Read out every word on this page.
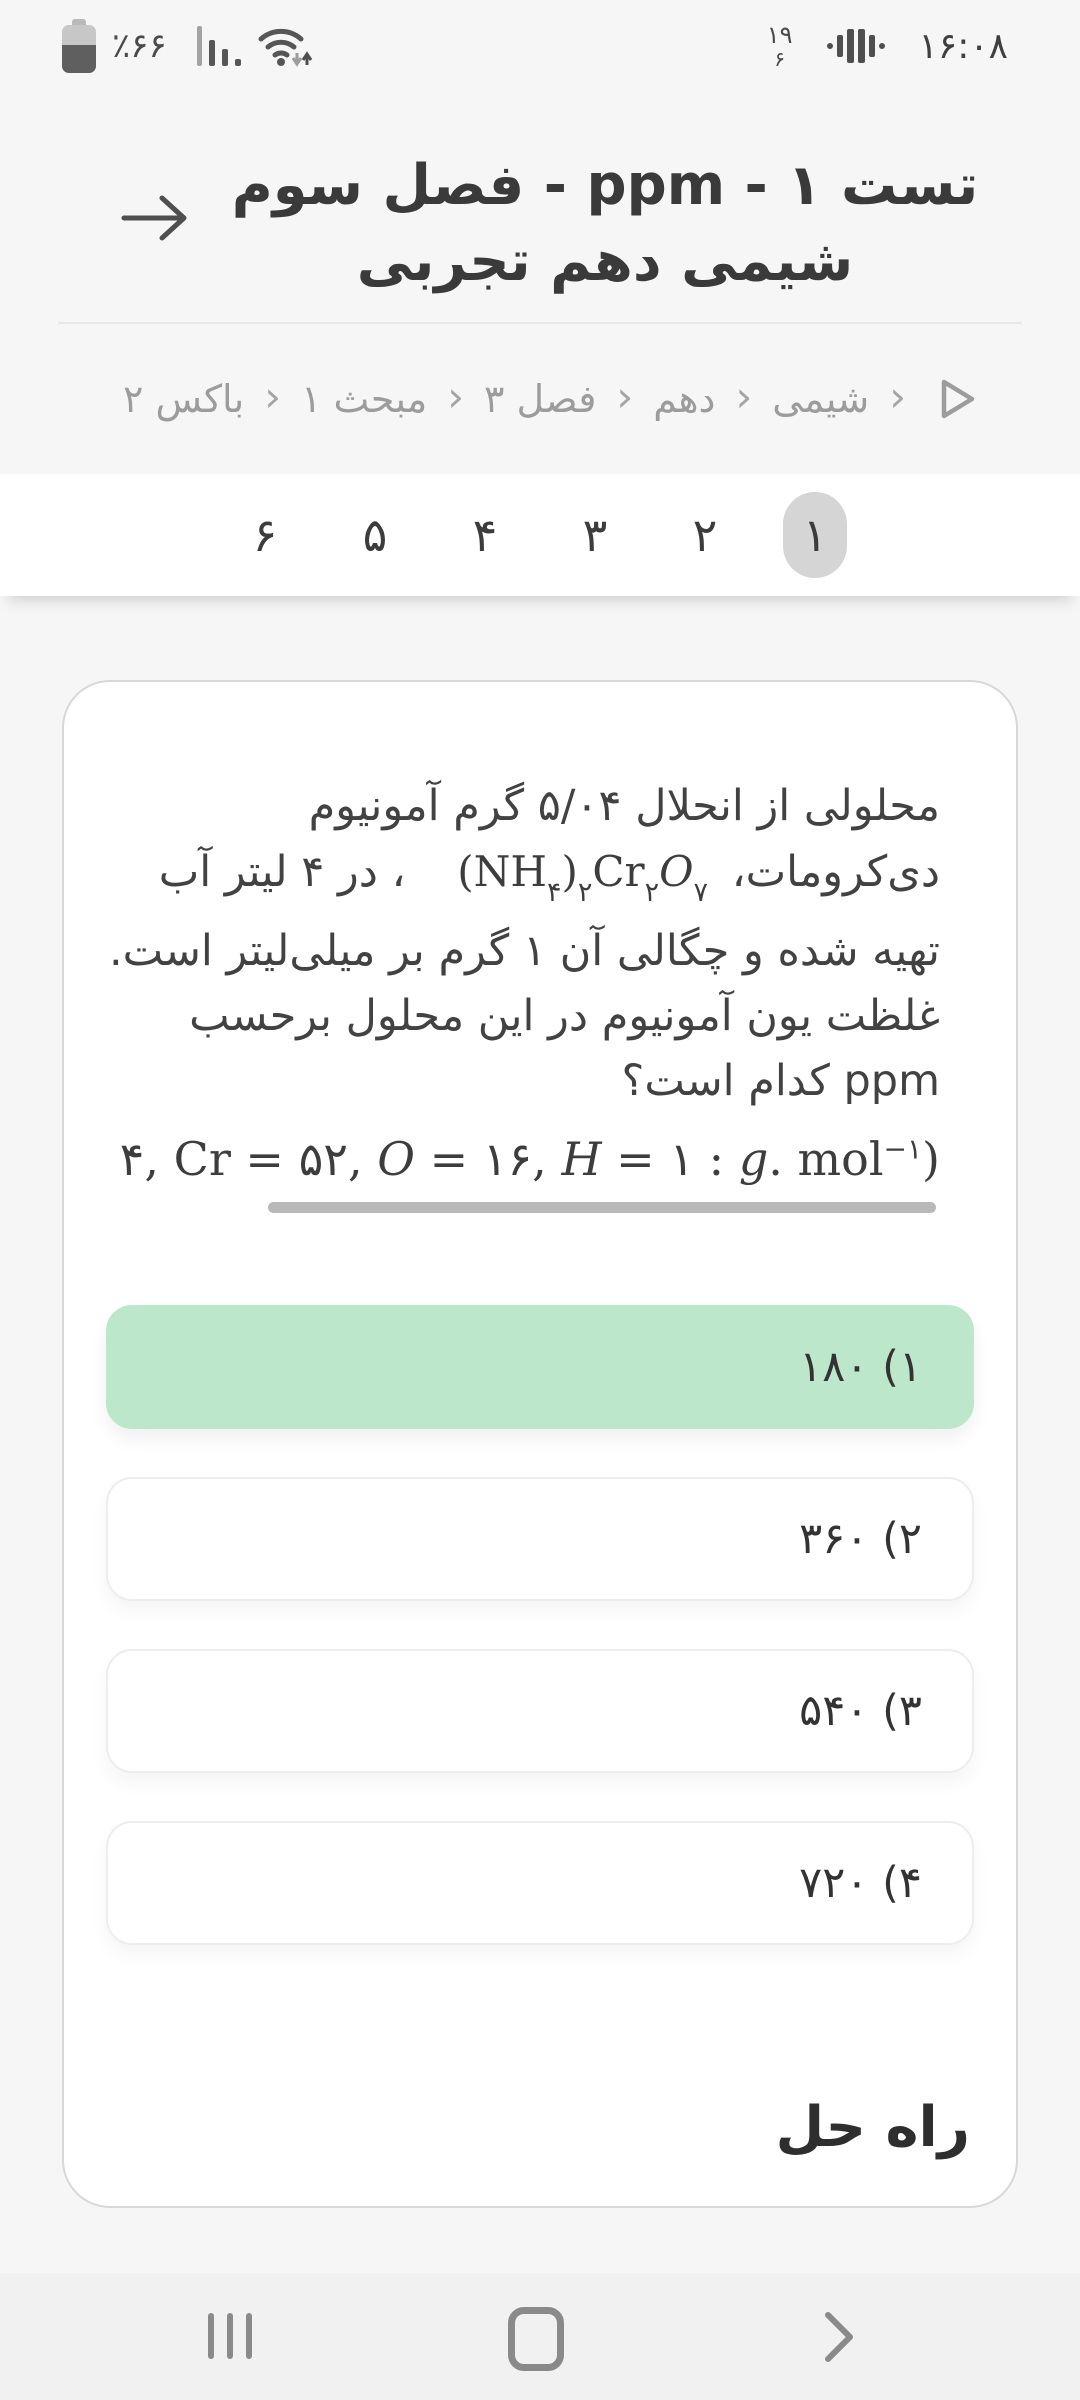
٪۶۶	۱۹
۶	۱۶:۰۸
تست ۱ - ppm - فصل سوم
شیمی دهم تجربی
‹
شیمی
‹
دهم
‹
فصل ۳
‹
مبحث ۱
‹
باکس ۲
۱
۲
۳
۴
۵
۶
محلولی از انحلال ۵/۰۴ گرم آمونیوم
دی‌کرومات، $(NH_۴)_۲Cr_۲O_۷$ ، در ۴ لیتر آب
تهیه شده و چگالی آن ۱ گرم بر میلی‌لیتر است.
غلظت یون آمونیوم در این محلول برحسب
ppm کدام است؟
۴, Cr = ۵۲, O = ۱۶, H = ۱ : g. mol$^{-۱}$)

۱) ۱۸۰
۲) ۳۶۰
۳) ۵۴۰
۴) ۷۲۰
راه حل
